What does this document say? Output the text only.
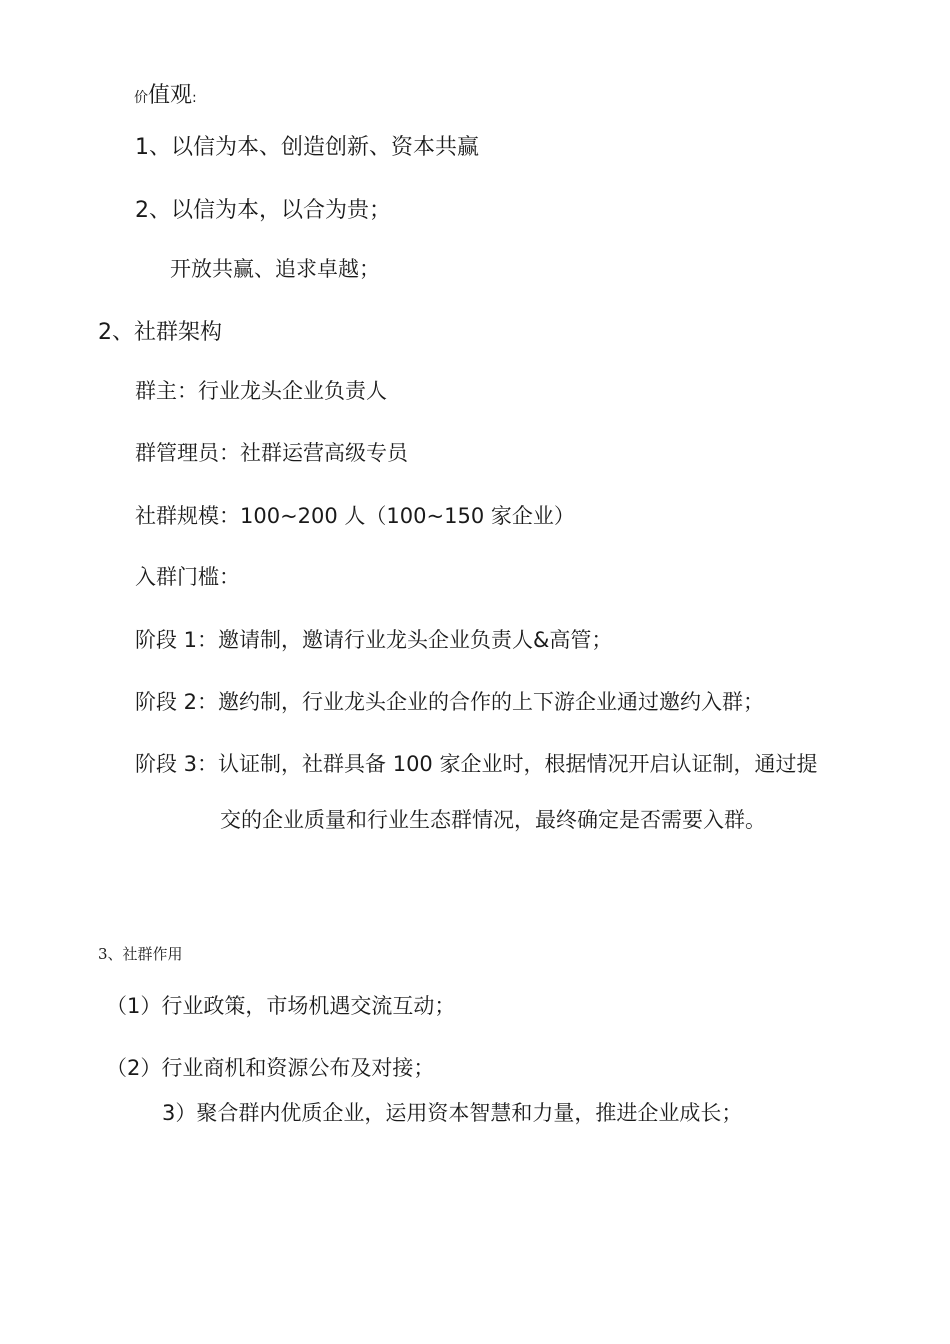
价值观:
1、以信为本、创造创新、资本共赢
2、以信为本，以合为贵；
开放共赢、追求卓越；
2、社群架构
群主：行业龙头企业负责人
群管理员：社群运营高级专员
社群规模：100~200 人（100~150 家企业）
入群门槛：
阶段 1：邀请制，邀请行业龙头企业负责人&高管；
阶段 2：邀约制，行业龙头企业的合作的上下游企业通过邀约入群；
阶段 3：认证制，社群具备 100 家企业时，根据情况开启认证制，通过提
交的企业质量和行业生态群情况，最终确定是否需要入群。
3、社群作用
（1）行业政策，市场机遇交流互动；
（2）行业商机和资源公布及对接；
3）聚合群内优质企业，运用资本智慧和力量，推进企业成长；
